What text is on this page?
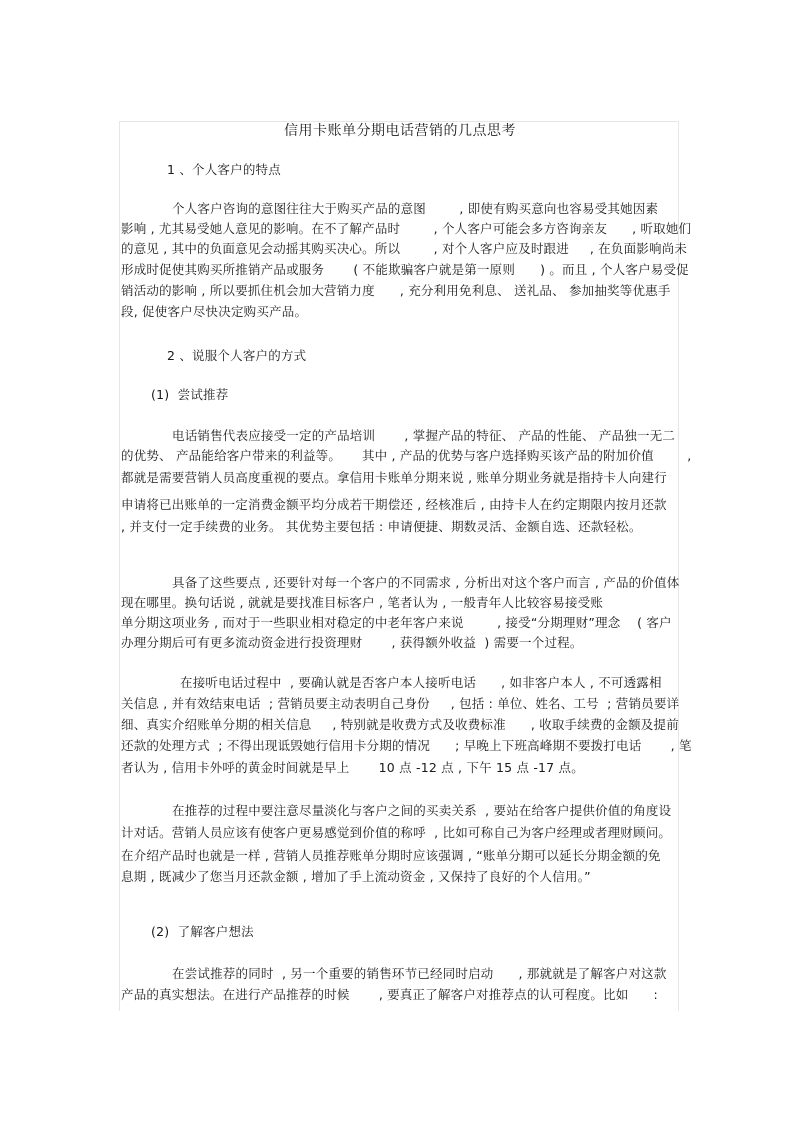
信用卡账单分期电话营销的几点思考
1 、个人客户的特点
个人客户咨询的意图往往大于购买产品的意图        , 即使有购买意向也容易受其她因素
影响 , 尤其易受她人意见的影响。在不了解产品时        , 个人客户可能会多方咨询亲友      , 听取她们
的意见 , 其中的负面意见会动摇其购买决心。所以        , 对个人客户应及时跟进     , 在负面影响尚未
形成时促使其购买所推销产品或服务       ( 不能欺骗客户就是第一原则      ) 。而且 , 个人客户易受促
销活动的影响 , 所以要抓住机会加大营销力度      , 充分利用免利息、 送礼品、 参加抽奖等优惠手
段, 促使客户尽快决定购买产品。
2 、说服个人客户的方式
(1)  尝试推荐
电话销售代表应接受一定的产品培训       , 掌握产品的特征、 产品的性能、 产品独一无二
的优势、 产品能给客户带来的利益等。     其中 , 产品的优势与客户选择购买该产品的附加价值        ,
都就是需要营销人员高度重视的要点。拿信用卡账单分期来说 , 账单分期业务就是指持卡人向建行
申请将已出账单的一定消费金额平均分成若干期偿还 , 经核准后 , 由持卡人在约定期限内按月还款
, 并支付一定手续费的业务。 其优势主要包括 : 申请便捷、期数灵活、金额自选、还款轻松。
具备了这些要点 , 还要针对每一个客户的不同需求 , 分析出对这个客户而言 , 产品的价值体
现在哪里。换句话说 , 就就是要找准目标客户 , 笔者认为 , 一般青年人比较容易接受账
单分期这项业务 , 而对于一些职业相对稳定的中老年客户来说        , 接受“分期理财”理念    ( 客户
办理分期后可有更多流动资金进行投资理财       , 获得额外收益  ) 需要一个过程。
在接听电话过程中  , 要确认就是否客户本人接听电话      , 如非客户本人 , 不可透露相
关信息 , 并有效结束电话  ; 营销员要主动表明自己身份     , 包括 : 单位、姓名、工号  ; 营销员要详
细、真实介绍账单分期的相关信息     , 特别就是收费方式及收费标准      , 收取手续费的金额及提前
还款的处理方式  ; 不得出现诋毁她行信用卡分期的情况      ; 早晚上下班高峰期不要拨打电话       , 笔
者认为 , 信用卡外呼的黄金时间就是早上       10 点 -12 点 , 下午 15 点 -17 点。
在推荐的过程中要注意尽量淡化与客户之间的买卖关系  , 要站在给客户提供价值的角度设
计对话。营销人员应该有使客户更易感觉到价值的称呼  , 比如可称自己为客户经理或者理财顾问。
在介绍产品时也就是一样 , 营销人员推荐账单分期时应该强调 , “账单分期可以延长分期金额的免
息期 , 既减少了您当月还款金额 , 增加了手上流动资金 , 又保持了良好的个人信用。”
(2)  了解客户想法
在尝试推荐的同时  , 另一个重要的销售环节已经同时启动      , 那就就是了解客户对这款
产品的真实想法。在进行产品推荐的时候       , 要真正了解客户对推荐点的认可程度。比如      :
